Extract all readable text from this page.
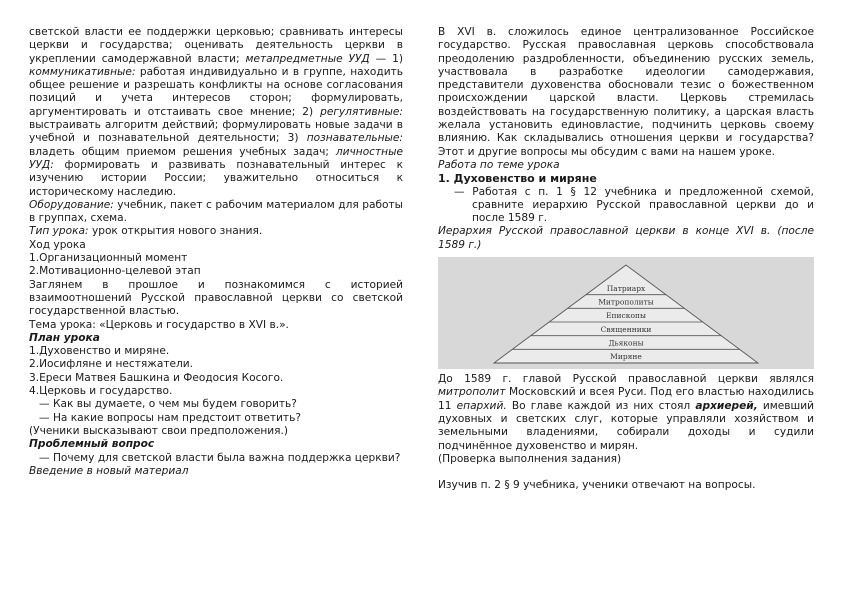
светской власти ее поддержки церковью; сравнивать интересы церкви и государства; оценивать деятельность церкви в укреплении самодержавной власти; метапредметные УУД — 1) коммуникативные: работая индивидуально и в группе, находить общее решение и разрешать конфликты на основе согласования позиций и учета интересов сторон; формулировать, аргументировать и отстаивать свое мнение; 2) регулятивные: выстраивать алгоритм действий; формулировать новые задачи в учебной и познавательной деятельности; 3) познавательные: владеть общим приемом решения учебных задач; личностные УУД: формировать и развивать познавательный интерес к изучению истории России; уважительно относиться к историческому наследию.

Оборудование: учебник, пакет с рабочим материалом для работы в группах, схема.

Тип урока: урок открытия нового знания.

Ход урока

1.Организационный момент

2.Мотивационно-целевой этап

Заглянем в прошлое и познакомимся с историей взаимоотношений Русской православной церкви со светской государственной властью.

Тема урока: «Церковь и государство в XVI в.».

План урока

1.Духовенство и миряне.

2.Иосифляне и нестяжатели.

3.Ереси Матвея Башкина и Феодосия Косого.

4.Церковь и государство.

— Как вы думаете, о чем мы будем говорить?

— На какие вопросы нам предстоит ответить?

(Ученики высказывают свои предположения.)

Проблемный вопрос

— Почему для светской власти была важна поддержка церкви?

Введение в новый материал

В XVI в. сложилось единое централизованное Российское государство. Русская православная церковь способствовала преодолению раздробленности, объединению русских земель, участвовала в разработке идеологии самодержавия, представители духовенства обосновали тезис о божественном происхождении царской власти. Церковь стремилась воздействовать на государственную политику, а царская власть желала установить единовластие, подчинить церковь своему влиянию. Как складывались отношения церкви и государства? Этот и другие вопросы мы обсудим с вами на нашем уроке.

Работа по теме урока

1. Духовенство и миряне

— Работая с п. 1 § 12 учебника и предложенной схемой, сравните иерархию Русской православной церкви до и после 1589 г.

Иерархия Русской православной церкви в конце XVI в. (после 1589 г.)

Патриарх
Митрополиты
Епископы
Священники
Дьяконы
Миряне

До 1589 г. главой Русской православной церкви являлся митрополит Московский и всея Руси. Под его властью находились 11 епархий. Во главе каждой из них стоял архиерей, имевший духовных и светских слуг, которые управляли хозяйством и земельными владениями, собирали доходы и судили подчинённое духовенство и мирян.

(Проверка выполнения задания)

Изучив п. 2 § 9 учебника, ученики отвечают на вопросы.
